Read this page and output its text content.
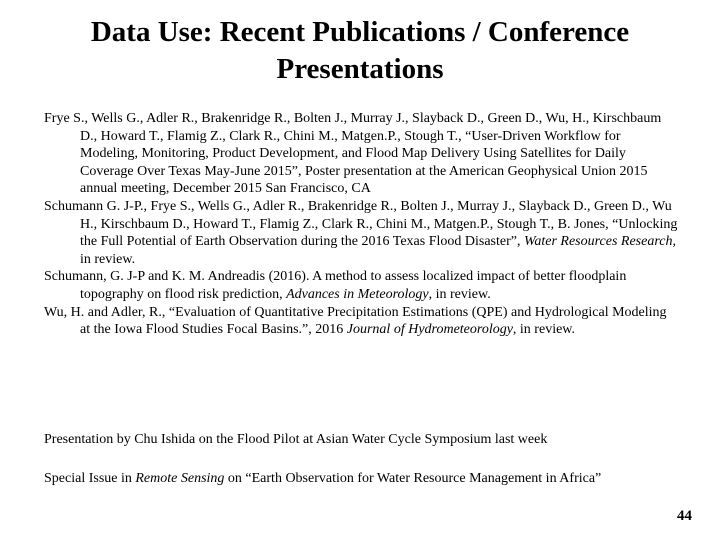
Data Use: Recent Publications / Conference
Presentations

Frye S., Wells G., Adler R., Brakenridge R., Bolten J., Murray J., Slayback D., Green D., Wu, H., Kirschbaum D., Howard T., Flamig Z., Clark R., Chini M., Matgen.P., Stough T., “User-Driven Workflow for Modeling, Monitoring, Product Development, and Flood Map Delivery Using Satellites for Daily Coverage Over Texas May-June 2015”, Poster presentation at the American Geophysical Union 2015 annual meeting, December 2015 San Francisco, CA

Schumann G. J-P., Frye S., Wells G., Adler R., Brakenridge R., Bolten J., Murray J., Slayback D., Green D., Wu H., Kirschbaum D., Howard T., Flamig Z., Clark R., Chini M., Matgen.P., Stough T., B. Jones, “Unlocking the Full Potential of Earth Observation during the 2016 Texas Flood Disaster”, Water Resources Research, in review.

Schumann, G. J-P and K. M. Andreadis (2016). A method to assess localized impact of better floodplain topography on flood risk prediction, Advances in Meteorology, in review.

Wu, H. and Adler, R., “Evaluation of Quantitative Precipitation Estimations (QPE) and Hydrological Modeling at the Iowa Flood Studies Focal Basins.”, 2016 Journal of Hydrometeorology, in review.

Presentation by Chu Ishida on the Flood Pilot at Asian Water Cycle Symposium last week

Special Issue in Remote Sensing on “Earth Observation for Water Resource Management in Africa”

44
